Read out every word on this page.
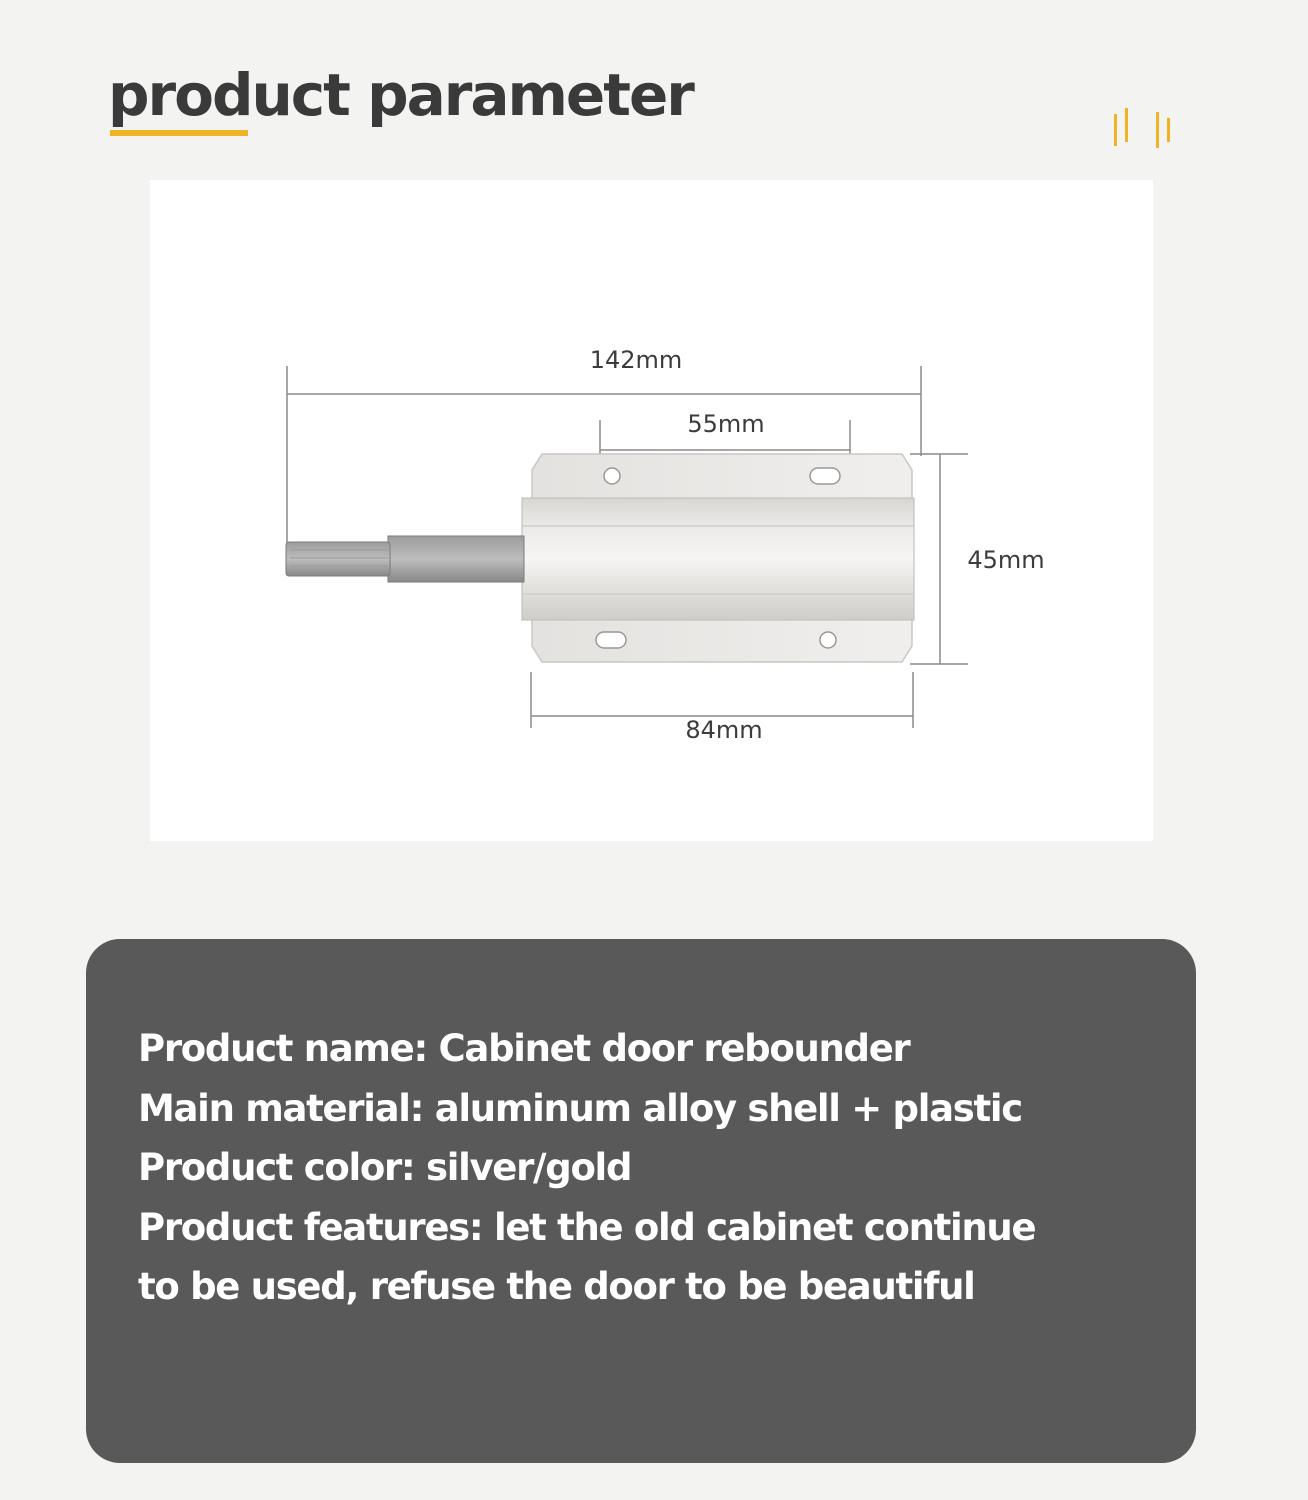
product parameter
142mm
55mm
45mm
84mm
Product name: Cabinet door rebounder
Main material: aluminum alloy shell + plastic
Product color: silver/gold
Product features: let the old cabinet continue
to be used, refuse the door to be beautiful
